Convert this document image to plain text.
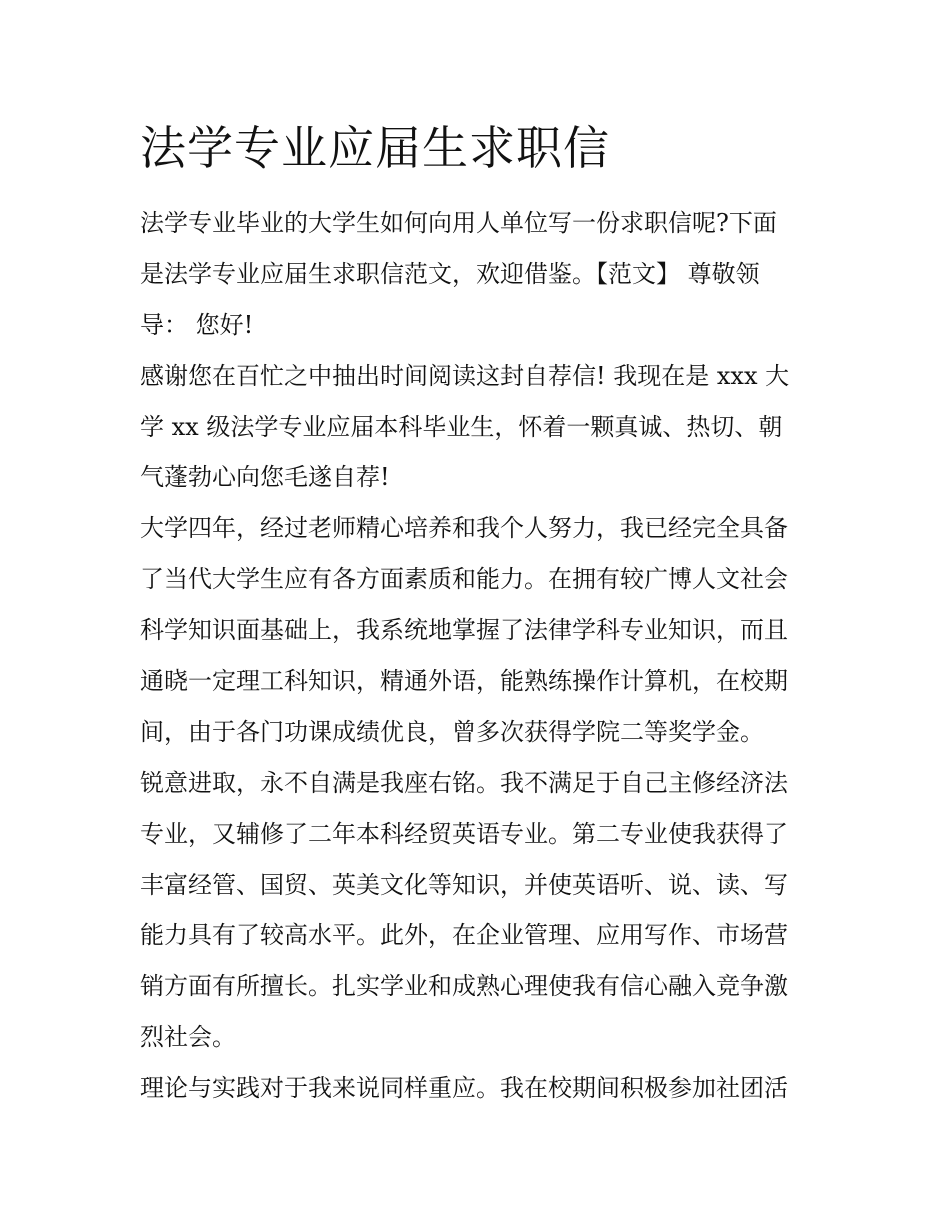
法学专业应届生求职信

法学专业毕业的大学生如何向用人单位写一份求职信呢?下面
是法学专业应届生求职信范文，欢迎借鉴。【范文】 尊敬领
导： 您好!

感谢您在百忙之中抽出时间阅读这封自荐信! 我现在是 xxx 大
学 xx 级法学专业应届本科毕业生，怀着一颗真诚、热切、朝
气蓬勃心向您毛遂自荐!

大学四年，经过老师精心培养和我个人努力，我已经完全具备
了当代大学生应有各方面素质和能力。在拥有较广博人文社会
科学知识面基础上，我系统地掌握了法律学科专业知识，而且
通晓一定理工科知识，精通外语，能熟练操作计算机，在校期
间，由于各门功课成绩优良，曾多次获得学院二等奖学金。

锐意进取，永不自满是我座右铭。我不满足于自己主修经济法
专业，又辅修了二年本科经贸英语专业。第二专业使我获得了
丰富经管、国贸、英美文化等知识，并使英语听、说、读、写
能力具有了较高水平。此外，在企业管理、应用写作、市场营
销方面有所擅长。扎实学业和成熟心理使我有信心融入竞争激
烈社会。

理论与实践对于我来说同样重应。我在校期间积极参加社团活
